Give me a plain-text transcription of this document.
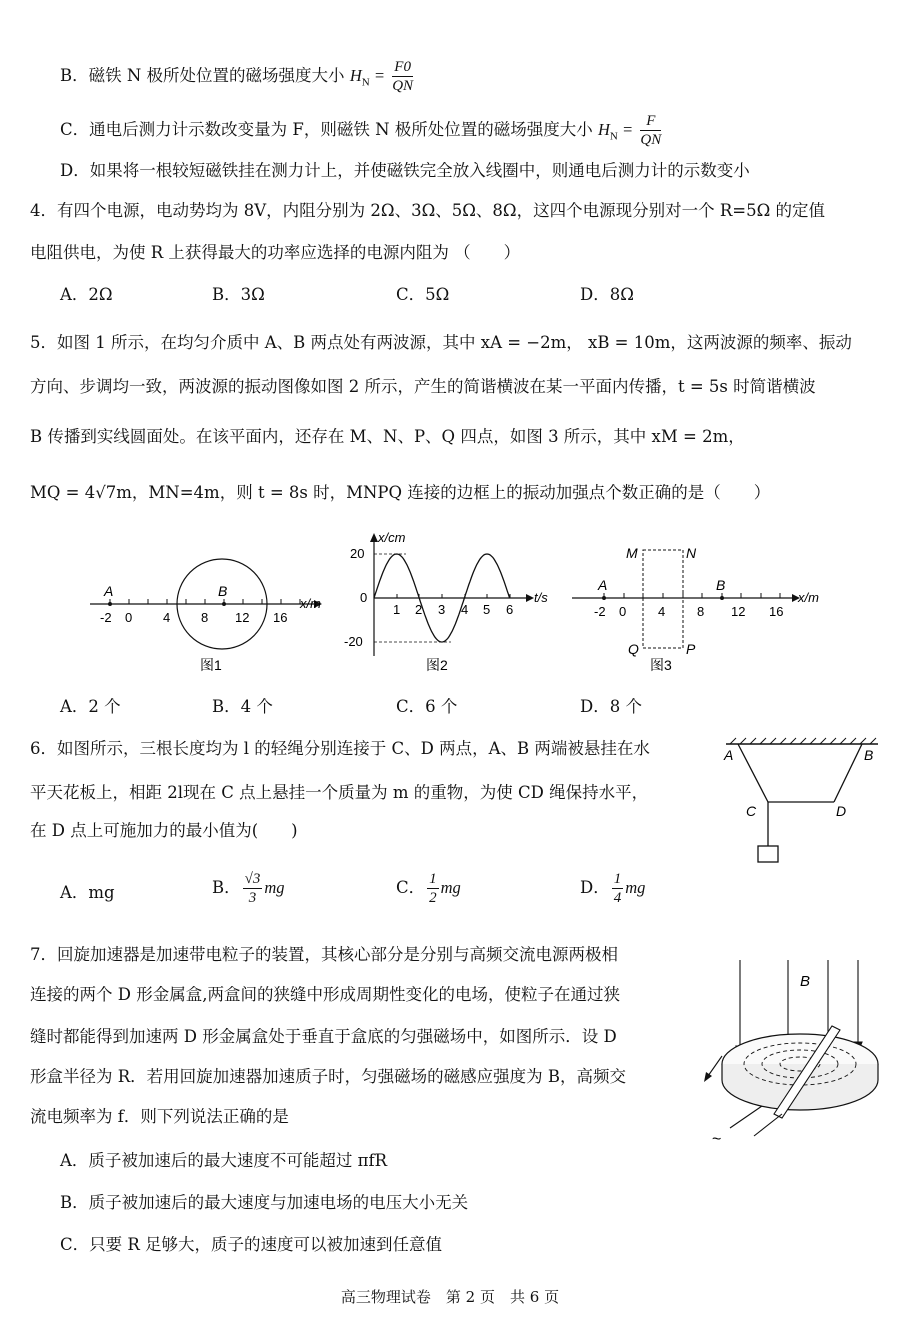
B．磁铁 N 极所处位置的磁场强度大小 $H_N = \frac{F0}{QN}$
C．通电后测力计示数改变量为 F，则磁铁 N 极所处位置的磁场强度大小 $H_N = \frac{F}{QN}$
D．如果将一根较短磁铁挂在测力计上，并使磁铁完全放入线圈中，则通电后测力计的示数变小
4．有四个电源，电动势均为 8V，内阻分别为 2Ω、3Ω、5Ω、8Ω，这四个电源现分别对一个 R=5Ω 的定值
电阻供电，为使 R 上获得最大的功率应选择的电源内阻为 （　　）
A．2Ω	B．3Ω	C．5Ω	D．8Ω
5．如图 1 所示，在均匀介质中 A、B 两点处有两波源，其中 xA = −2m， xB = 10m，这两波源的频率、振动
方向、步调均一致，两波源的振动图像如图 2 所示，产生的简谐横波在某一平面内传播，t = 5s 时简谐横波
B 传播到实线圆面处。在该平面内，还存在 M、N、P、Q 四点，如图 3 所示，其中 xM = 2m，
MQ = 4√7m，MN=4m，则 t = 8s 时，MNPQ 连接的边框上的振动加强点个数正确的是（　　）
A	B
-2 0 4 8 12 16
x/m
图1
x/cm
t/s
20
0
-20
1 2 3 4 5 6
图2
A	B
M	N
P
Q
-2 0 4 8 12 16
x/m
图3
A．2 个	B．4 个	C．6 个	D．8 个
6．如图所示，三根长度均为 l 的轻绳分别连接于 C、D 两点，A、B 两端被悬挂在水
平天花板上，相距 2l现在 C 点上悬挂一个质量为 m 的重物，为使 CD 绳保持水平，
在 D 点上可施加力的最小值为(　　)
A	B
C	D
A．mg	B． $\frac{√3}{3}$ mg	C． $\frac{1}{2}$ mg	D． $\frac{1}{4}$ mg
7．回旋加速器是加速带电粒子的装置，其核心部分是分别与高频交流电源两极相
连接的两个 D 形金属盒,两盒间的狭缝中形成周期性变化的电场，使粒子在通过狭
缝时都能得到加速两 D 形金属盒处于垂直于盒底的匀强磁场中，如图所示．设 D
形盒半径为 R．若用回旋加速器加速质子时，匀强磁场的磁感应强度为 B，高频交
流电频率为 f．则下列说法正确的是
A．质子被加速后的最大速度不可能超过 πfR
B．质子被加速后的最大速度与加速电场的电压大小无关
C．只要 R 足够大，质子的速度可以被加速到任意值
B
~
高三物理试卷　第 2 页　共 6 页
